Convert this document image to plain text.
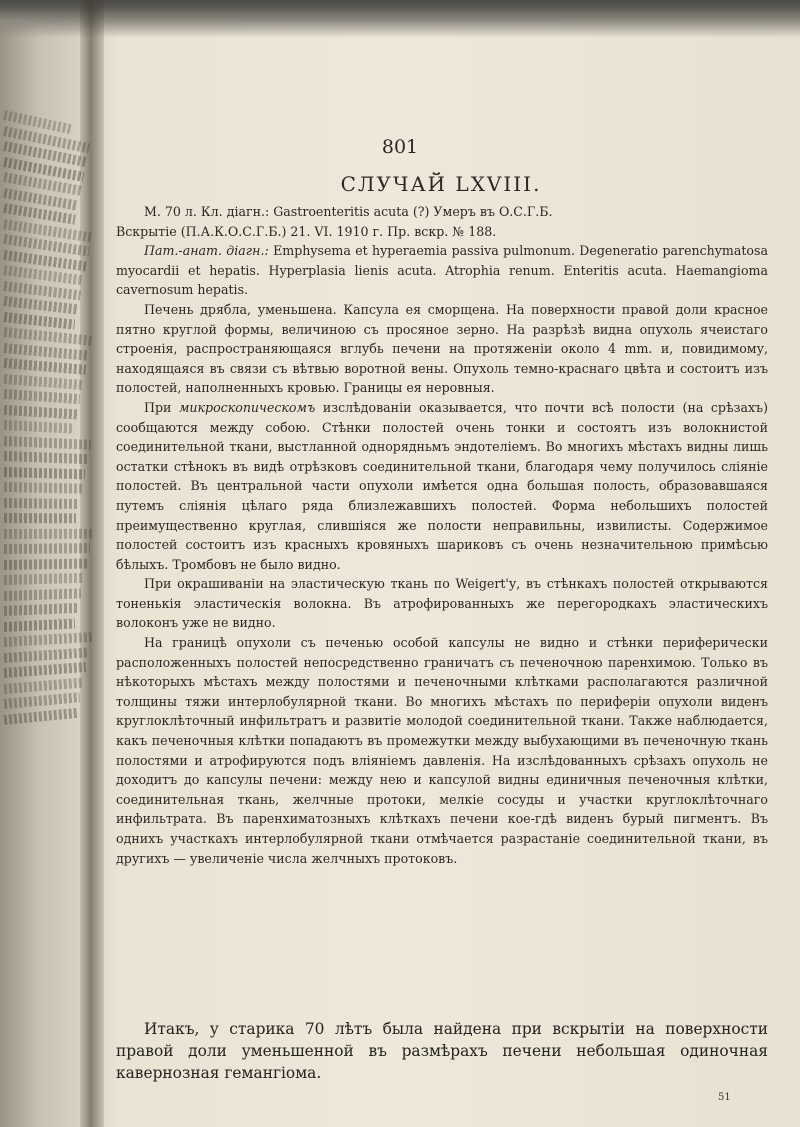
801
СЛУЧАЙ LXVIII.

М. 70 л. Кл. діагн.: Gastroenteritis acuta (?) Умеръ въ О.С.Г.Б.

Вскрытіе (П.А.К.О.С.Г.Б.) 21. VI. 1910 г. Пр. вскр. № 188.

Пат.-анат. діагн.: Emphysema et hyperaemia passiva pulmonum. Degeneratio parenchymatosa myocardii et hepatis. Hyperplasia lienis acuta. Atrophia renum. Enteritis acuta. Haemangioma cavernosum hepatis.

Печень дрябла, уменьшена. Капсула ея сморщена. На поверхности правой доли красное пятно круглой формы, величиною съ просяное зерно. На разрѣзѣ видна опухоль ячеистаго строенія, распространяющаяся вглубь печени на протяженіи около 4 mm. и, повидимому, находящаяся въ связи съ вѣтвью воротной вены. Опухоль темно-краснаго цвѣта и состоитъ изъ полостей, наполненныхъ кровью. Границы ея неровныя.

При микроскопическомъ изслѣдованіи оказывается, что почти всѣ полости (на срѣзахъ) сообщаются между собою. Стѣнки полостей очень тонки и состоятъ изъ волокнистой соединительной ткани, выстланной однорядньмъ эндотеліемъ. Во многихъ мѣстахъ видны лишь остатки стѣнокъ въ видѣ отрѣзковъ соединительной ткани, благодаря чему получилось сліяніе полостей. Въ центральной части опухоли имѣется одна большая полость, образовавшаяся путемъ сліянія цѣлаго ряда близлежавшихъ полостей. Форма небольшихъ полостей преимущественно круглая, слившіяся же полости неправильны, извилисты. Содержимое полостей состоитъ изъ красныхъ кровяныхъ шариковъ съ очень незначительною примѣсью бѣлыхъ. Тромбовъ не было видно.

При окрашиваніи на эластическую ткань по Weigert'у, въ стѣнкахъ полостей открываются тоненькія эластическія волокна. Въ атрофированныхъ же перегородкахъ эластическихъ волоконъ уже не видно.

На границѣ опухоли съ печенью особой капсулы не видно и стѣнки периферически расположенныхъ полостей непосредственно граничатъ съ печеночною паренхимою. Только въ нѣкоторыхъ мѣстахъ между полостями и печеночными клѣтками располагаются различной толщины тяжи интерлобулярной ткани. Во многихъ мѣстахъ по периферіи опухоли виденъ круглоклѣточный инфильтратъ и развитіе молодой соединительной ткани. Также наблюдается, какъ печеночныя клѣтки попадаютъ въ промежутки между выбухающими въ печеночную ткань полостями и атрофируются подъ вліяніемъ давленія. На изслѣдованныхъ срѣзахъ опухоль не доходитъ до капсулы печени: между нею и капсулой видны единичныя печеночныя клѣтки, соединительная ткань, желчные протоки, мелкіе сосуды и участки круглоклѣточнаго инфильтрата. Въ паренхиматозныхъ клѣткахъ печени кое-гдѣ виденъ бурый пигментъ. Въ однихъ участкахъ интерлобулярной ткани отмѣчается разрастаніе соединительной ткани, въ другихъ — увеличеніе числа желчныхъ протоковъ.

Итакъ, у старика 70 лѣтъ была найдена при вскрытіи на поверхности правой доли уменьшенной въ размѣрахъ печени небольшая одиночная кавернозная гемангіома.

51
